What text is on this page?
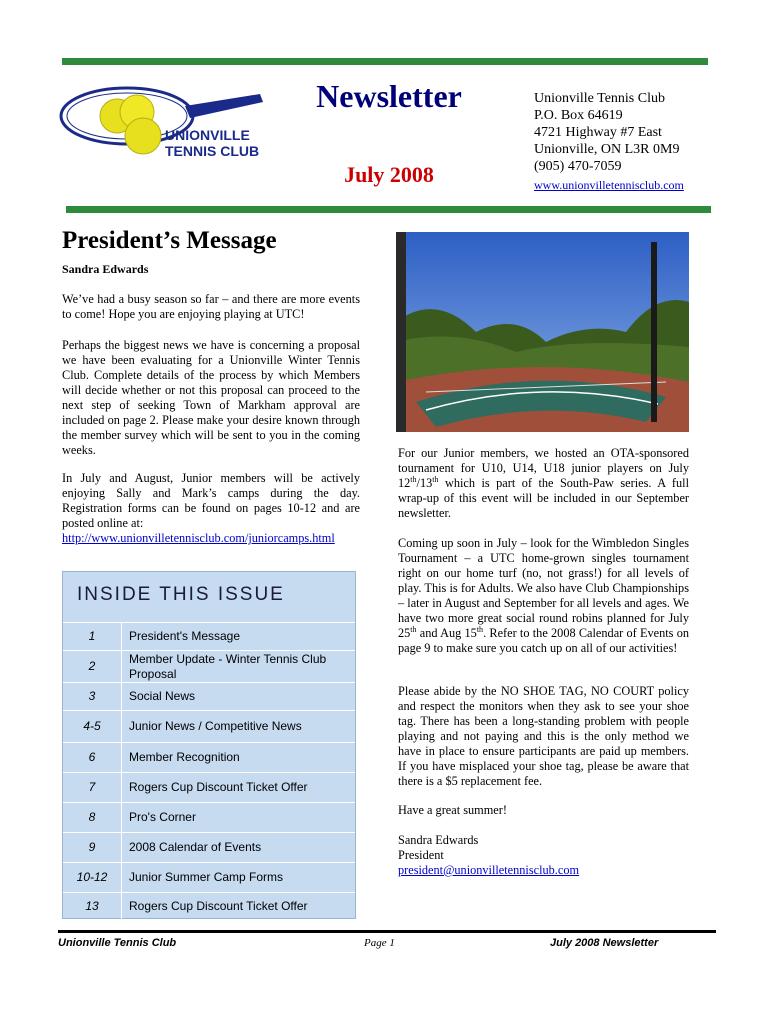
UNIONVILLE
TENNIS CLUB
Newsletter
July 2008
Unionville Tennis Club
P.O. Box 64619
4721 Highway #7 East
Unionville, ON L3R 0M9
(905) 470-7059
www.unionvilletennisclub.com
President’s Message
Sandra Edwards
We’ve had a busy season so far – and there are more events to come! Hope you are enjoying playing at UTC!
Perhaps the biggest news we have is concerning a proposal we have been evaluating for a Unionville Winter Tennis Club. Complete details of the process by which Members will decide whether or not this proposal can proceed to the next step of seeking Town of Markham approval are included on page 2. Please make your desire known through the member survey which will be sent to you in the coming weeks.
In July and August, Junior members will be actively enjoying Sally and Mark’s camps during the day. Registration forms can be found on pages 10-12 and are posted online at:
http://www.unionvilletennisclub.com/juniorcamps.html
INSIDE THIS ISSUE
1	President's Message
2	Member Update - Winter Tennis Club Proposal
3	Social News
4-5	Junior News / Competitive News
6	Member Recognition
7	Rogers Cup Discount Ticket Offer
8	Pro's Corner
9	2008 Calendar of Events
10-12	Junior Summer Camp Forms
13	Rogers Cup Discount Ticket Offer
For our Junior members, we hosted an OTA-sponsored tournament for U10, U14, U18 junior players on July 12th/13th which is part of the South-Paw series. A full wrap-up of this event will be included in our September newsletter.
Coming up soon in July – look for the Wimbledon Singles Tournament – a UTC home-grown singles tournament right on our home turf (no, not grass!) for all levels of play. This is for Adults. We also have Club Championships – later in August and September for all levels and ages. We have two more great social round robins planned for July 25th and Aug 15th. Refer to the 2008 Calendar of Events on page 9 to make sure you catch up on all of our activities!
Please abide by the NO SHOE TAG, NO COURT policy and respect the monitors when they ask to see your shoe tag. There has been a long-standing problem with people playing and not paying and this is the only method we have in place to ensure participants are paid up members. If you have misplaced your shoe tag, please be aware that there is a $5 replacement fee.
Have a great summer!
Sandra Edwards
President
president@unionvilletennisclub.com
Unionville Tennis Club	Page 1	July 2008 Newsletter
